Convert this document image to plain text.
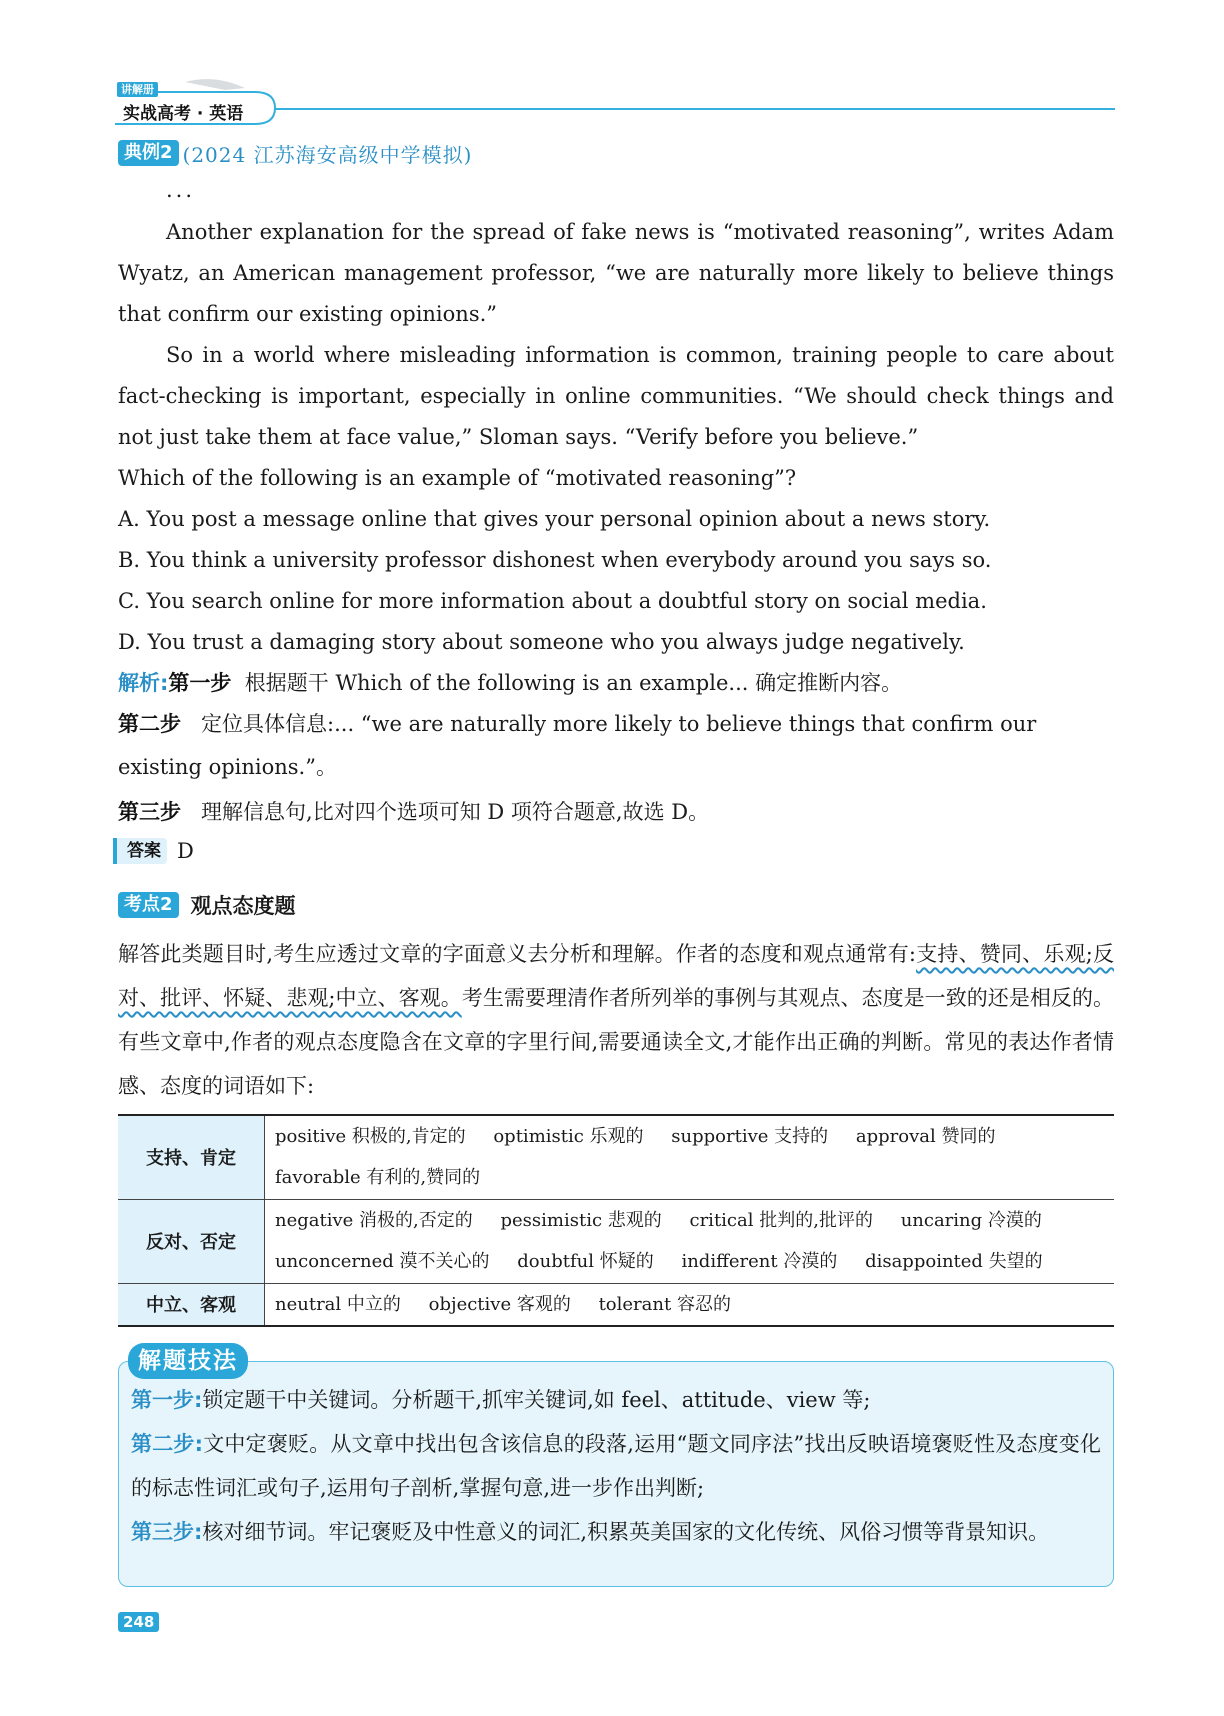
讲解册
实战高考 · 英语
典例2 (2024 江苏海安高级中学模拟)
...
Another explanation for the spread of fake news is “motivated reasoning”, writes Adam Wyatz, an American management professor, “we are naturally more likely to believe things that confirm our existing opinions.”
So in a world where misleading information is common, training people to care about fact-checking is important, especially in online communities. “We should check things and not just take them at face value,” Sloman says. “Verify before you believe.”
Which of the following is an example of “motivated reasoning”?
A. You post a message online that gives your personal opinion about a news story.
B. You think a university professor dishonest when everybody around you says so.
C. You search online for more information about a doubtful story on social media.
D. You trust a damaging story about someone who you always judge negatively.
解析:第一步 根据题干 Which of the following is an example... 确定推断内容。
第二步 定位具体信息:... “we are naturally more likely to believe things that confirm our
existing opinions.”。
第三步 理解信息句,比对四个选项可知 D 项符合题意,故选 D。
答案 D
考点2 观点态度题
解答此类题目时,考生应透过文章的字面意义去分析和理解。作者的态度和观点通常有:支持、赞同、乐观;反对、批评、怀疑、悲观;中立、客观。考生需要理清作者所列举的事例与其观点、态度是一致的还是相反的。有些文章中,作者的观点态度隐含在文章的字里行间,需要通读全文,才能作出正确的判断。常见的表达作者情感、态度的词语如下:
支持、肯定	positive 积极的,肯定的 optimistic 乐观的 supportive 支持的 approval 赞同的
favorable 有利的,赞同的

反对、否定	negative 消极的,否定的 pessimistic 悲观的 critical 批判的,批评的 uncaring 冷漠的
unconcerned 漠不关心的 doubtful 怀疑的 indifferent 冷漠的 disappointed 失望的

中立、客观	neutral 中立的 objective 客观的 tolerant 容忍的
解题技法
第一步:锁定题干中关键词。分析题干,抓牢关键词,如 feel、attitude、view 等;
第二步:文中定褒贬。从文章中找出包含该信息的段落,运用“题文同序法”找出反映语境褒贬性及态度变化的标志性词汇或句子,运用句子剖析,掌握句意,进一步作出判断;
第三步:核对细节词。牢记褒贬及中性意义的词汇,积累英美国家的文化传统、风俗习惯等背景知识。
248
